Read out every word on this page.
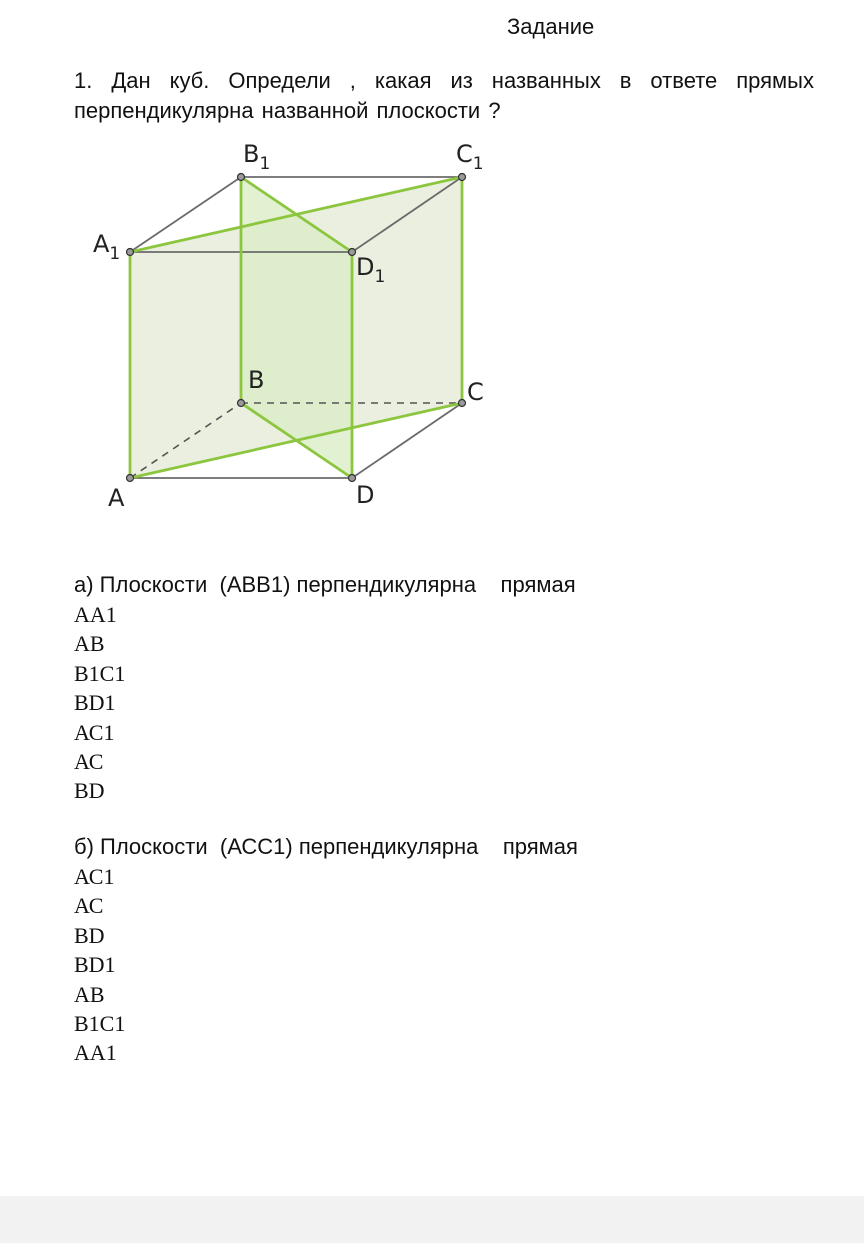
Задание
1. Дан куб. Определи , какая из названных в ответе прямых перпендикулярна названной плоскости ?
A
B	C
D
$A_1$
$B_1$	$C_1$
$D_1$
а) Плоскости  (АВВ1) перпендикулярна    прямая
АА1
АВ
В1С1
ВD1
АС1
АС
ВD
б) Плоскости  (АСС1) перпендикулярна    прямая
АС1
АС
ВD
ВD1
АВ
В1С1
АА1
